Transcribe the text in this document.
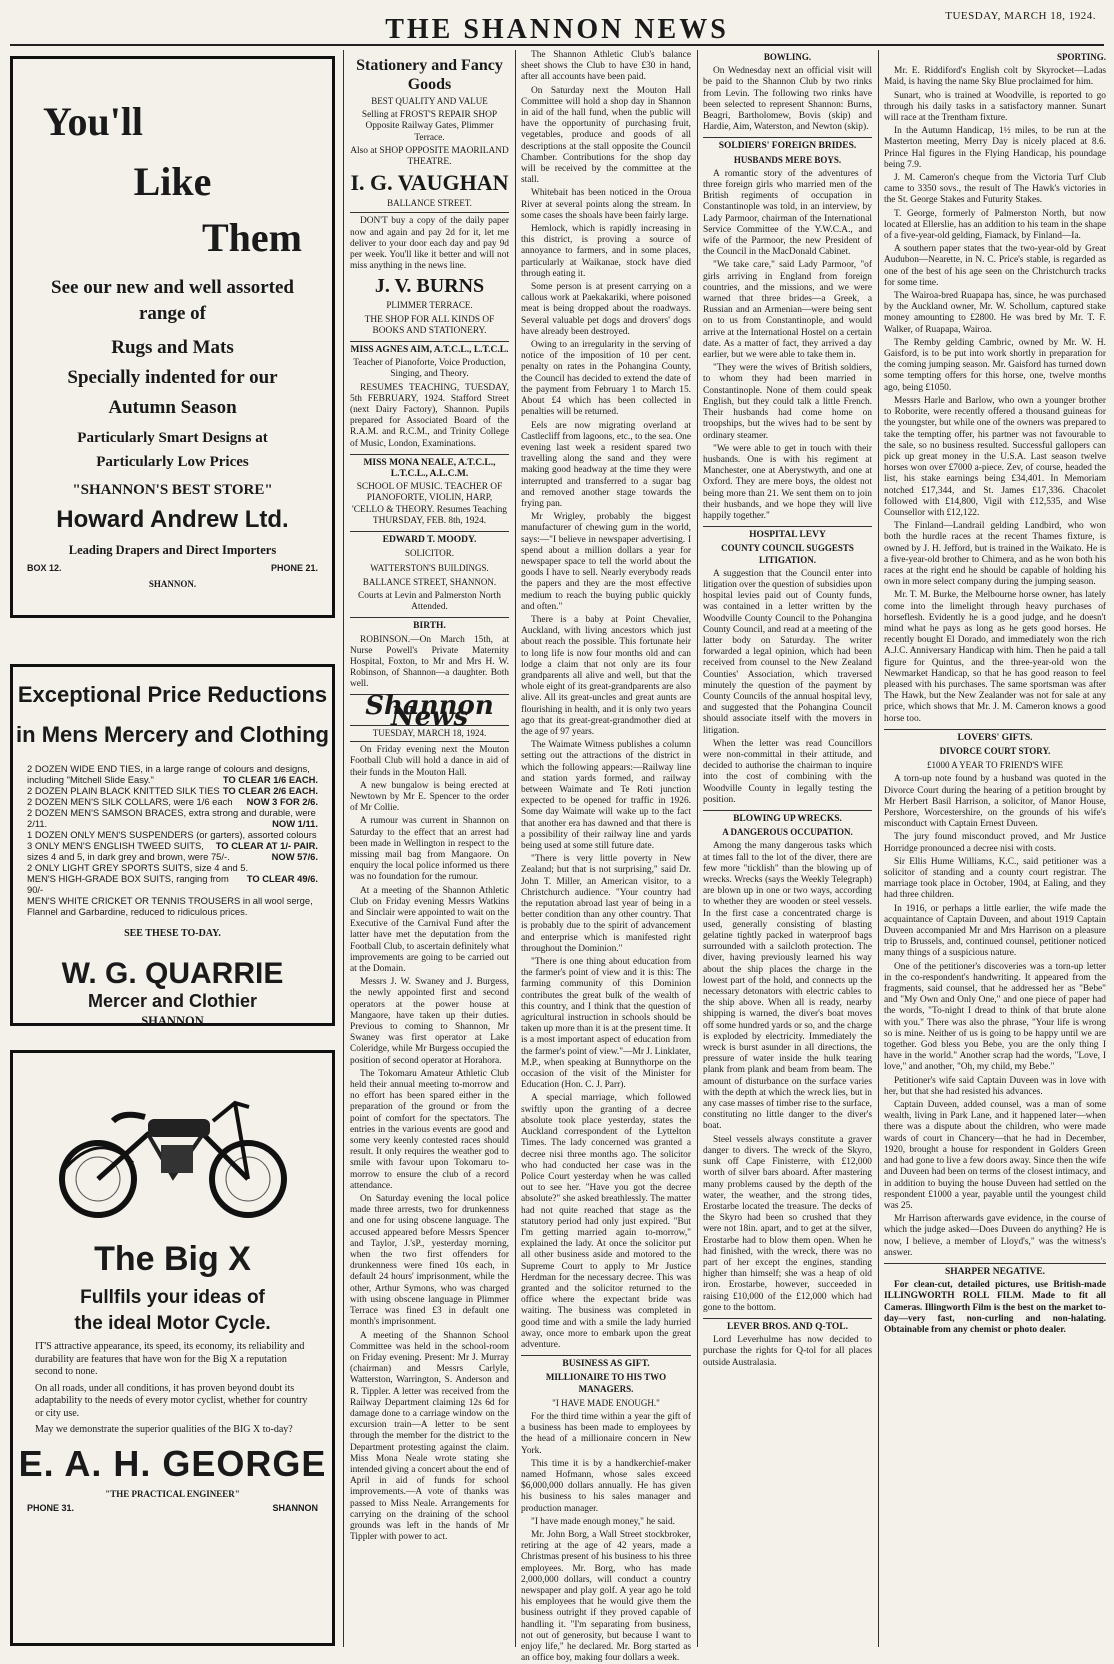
THE SHANNON NEWS	TUESDAY, MARCH 18, 1924.
You'll
Like
Them
See our new and well assorted range of
Rugs and Mats
Specially indented for our
Autumn Season
Particularly Smart Designs at
Particularly Low Prices
"SHANNON'S BEST STORE"
Howard Andrew Ltd.
Leading Drapers and Direct Importers
BOX 12.	PHONE 21.
SHANNON.
Exceptional Price Reductions
in Mens Mercery and Clothing
2 DOZEN WIDE END TIES, in a large range of colours and designs, including "Mitchell Slide Easy."	TO CLEAR 1/6 EACH.
2 DOZEN PLAIN BLACK KNITTED SILK TIES TO CLEAR 2/6 EACH.
2 DOZEN MEN'S SILK COLLARS, were 1/6 each NOW 3 FOR 2/6.
2 DOZEN MEN'S SAMSON BRACES, extra strong and durable, were 2/11.	NOW 1/11.
1 DOZEN ONLY MEN'S SUSPENDERS (or garters), assorted colours
TO CLEAR AT 1/- PAIR.
3 ONLY MEN'S ENGLISH TWEED SUITS, sizes 4 and 5, in dark grey and brown, were 75/-.	NOW 57/6.
2 ONLY LIGHT GREY SPORTS SUITS, size 4 and 5.
TO CLEAR 49/6.
MEN'S HIGH-GRADE BOX SUITS, ranging from 90/-
MEN'S WHITE CRICKET OR TENNIS TROUSERS in all wool serge, Flannel and Garbardine, reduced to ridiculous prices.
SEE THESE TO-DAY.
W. G. QUARRIE
Mercer and Clothier
SHANNON
The Big X
Fullfils your ideas of
the ideal Motor Cycle.
IT'S attractive appearance, its speed, its economy, its reliability and durability are features that have won for the Big X a reputation second to none.
On all roads, under all conditions, it has proven beyond doubt its adaptability to the needs of every motor cyclist, whether for country or city use.
May we demonstrate the superior qualities of the BIG X to-day?
E. A. H. GEORGE
"THE PRACTICAL ENGINEER"
PHONE 31.	SHANNON
Stationery and Fancy Goods
BEST QUALITY AND VALUE

Selling at FROST'S REPAIR SHOP Opposite Railway Gates, Plimmer Terrace.

Also at SHOP OPPOSITE MAORILAND THEATRE.

I. G. VAUGHAN
BALLANCE STREET.

DON'T buy a copy of the daily paper now and again and pay 2d for it, let me deliver to your door each day and pay 9d per week. You'll like it better and will not miss anything in the news line.

J. V. BURNS
PLIMMER TERRACE.

THE SHOP FOR ALL KINDS OF BOOKS AND STATIONERY.

MISS AGNES AIM, A.T.C.L., L.T.C.L.

Teacher of Pianoforte, Voice Production, Singing, and Theory.

RESUMES TEACHING, TUESDAY, 5th FEBRUARY, 1924. Stafford Street (next Dairy Factory), Shannon. Pupils prepared for Associated Board of the R.A.M. and R.C.M., and Trinity College of Music, London, Examinations.

MISS MONA NEALE, A.T.C.L., L.T.C.L., A.L.C.M.

SCHOOL OF MUSIC. TEACHER OF PIANOFORTE, VIOLIN, HARP, 'CELLO & THEORY. Resumes Teaching THURSDAY, FEB. 8th, 1924.

EDWARD T. MOODY.
SOLICITOR.
WATTERSTON'S BUILDINGS.
BALLANCE STREET, SHANNON.

Courts at Levin and Palmerston North Attended.

BIRTH.

ROBINSON.—On March 15th, at Nurse Powell's Private Maternity Hospital, Foxton, to Mr and Mrs H. W. Robinson, of Shannon—a daughter. Both well.

Shannon News
TUESDAY, MARCH 18, 1924.

On Friday evening next the Mouton Football Club will hold a dance in aid of their funds in the Mouton Hall.

A new bungalow is being erected at Newtown by Mr E. Spencer to the order of Mr Collie.

A rumour was current in Shannon on Saturday to the effect that an arrest had been made in Wellington in respect to the missing mail bag from Mangaore. On enquiry the local police informed us there was no foundation for the rumour.

At a meeting of the Shannon Athletic Club on Friday evening Messrs Watkins and Sinclair were appointed to wait on the Executive of the Carnival Fund after the latter have met the deputation from the Football Club, to ascertain definitely what improvements are going to be carried out at the Domain.

Messrs J. W. Swaney and J. Burgess, the newly appointed first and second operators at the power house at Mangaore, have taken up their duties. Previous to coming to Shannon, Mr Swaney was first operator at Lake Coleridge, while Mr Burgess occupied the position of second operator at Horahora.

The Tokomaru Amateur Athletic Club held their annual meeting to-morrow and no effort has been spared either in the preparation of the ground or from the point of comfort for the spectators. The entries in the various events are good and some very keenly contested races should result. It only requires the weather god to smile with favour upon Tokomaru to-morrow to ensure the club of a record attendance.

On Saturday evening the local police made three arrests, two for drunkenness and one for using obscene language. The accused appeared before Messrs Spencer and Taylor, J.'sP., yesterday morning, when the two first offenders for drunkenness were fined 10s each, in default 24 hours' imprisonment, while the other, Arthur Symons, who was charged with using obscene language in Plimmer Terrace was fined £3 in default one month's imprisonment.

A meeting of the Shannon School Committee was held in the school-room on Friday evening. Present: Mr J. Murray (chairman) and Messrs Carlyle, Watterston, Warrington, S. Anderson and R. Tippler. A letter was received from the Railway Department claiming 12s 6d for damage done to a carriage window on the excursion train—A letter to be sent through the member for the district to the Department protesting against the claim. Miss Mona Neale wrote stating she intended giving a concert about the end of April in aid of funds for school improvements.—A vote of thanks was passed to Miss Neale. Arrangements for carrying on the draining of the school grounds was left in the hands of Mr Tippler with power to act.

The Shannon Athletic Club's balance sheet shows the Club to have £30 in hand, after all accounts have been paid.

On Saturday next the Mouton Hall Committee will hold a shop day in Shannon in aid of the hall fund, when the public will have the opportunity of purchasing fruit, vegetables, produce and goods of all descriptions at the stall opposite the Council Chamber. Contributions for the shop day will be received by the committee at the stall.

Whitebait has been noticed in the Oroua River at several points along the stream. In some cases the shoals have been fairly large.

Hemlock, which is rapidly increasing in this district, is proving a source of annoyance to farmers, and in some places, particularly at Waikanae, stock have died through eating it.

Some person is at present carrying on a callous work at Paekakariki, where poisoned meat is being dropped about the roadways. Several valuable pet dogs and drovers' dogs have already been destroyed.

Owing to an irregularity in the serving of notice of the imposition of 10 per cent. penalty on rates in the Pohangina County, the Council has decided to extend the date of the payment from February 1 to March 15. About £4 which has been collected in penalties will be returned.

Eels are now migrating overland at Castlecliff from lagoons, etc., to the sea. One evening last week a resident spared two travelling along the sand and they were making good headway at the time they were interrupted and transferred to a sugar bag and removed another stage towards the frying pan.

Mr Wrigley, probably the biggest manufacturer of chewing gum in the world, says:—"I believe in newspaper advertising. I spend about a million dollars a year for newspaper space to tell the world about the goods I have to sell. Nearly everybody reads the papers and they are the most effective medium to reach the buying public quickly and often."

There is a baby at Point Chevalier, Auckland, with living ancestors which just about reach the possible. This fortunate heir to long life is now four months old and can lodge a claim that not only are its four grandparents all alive and well, but that the whole eight of its great-grandparents are also alive. All its great-uncles and great aunts are flourishing in health, and it is only two years ago that its great-great-grandmother died at the age of 97 years.

The Waimate Witness publishes a column setting out the attractions of the district in which the following appears:—Railway line and station yards formed, and railway between Waimate and Te Roti junction expected to be opened for traffic in 1926. Some day Waimate will wake up to the fact that another era has dawned and that there is a possibility of their railway line and yards being used at some still future date.

"There is very little poverty in New Zealand; but that is not surprising," said Dr. John T. Miller, an American visitor, to a Christchurch audience. "Your country had the reputation abroad last year of being in a better condition than any other country. That is probably due to the spirit of advancement and enterprise which is manifested right throughout the Dominion."

"There is one thing about education from the farmer's point of view and it is this: The farming community of this Dominion contributes the great bulk of the wealth of this country, and I think that the question of agricultural instruction in schools should be taken up more than it is at the present time. It is a most important aspect of education from the farmer's point of view."—Mr J. Linklater, M.P., when speaking at Bunnythorpe on the occasion of the visit of the Minister for Education (Hon. C. J. Parr).

A special marriage, which followed swiftly upon the granting of a decree absolute took place yesterday, states the Auckland correspondent of the Lyttelton Times. The lady concerned was granted a decree nisi three months ago. The solicitor who had conducted her case was in the Police Court yesterday when he was called out to see her. "Have you got the decree absolute?" she asked breathlessly. The matter had not quite reached that stage as the statutory period had only just expired. "But I'm getting married again to-morrow," explained the lady. At once the solicitor put all other business aside and motored to the Supreme Court to apply to Mr Justice Herdman for the necessary decree. This was granted and the solicitor returned to the office where the expectant bride was waiting. The business was completed in good time and with a smile the lady hurried away, once more to embark upon the great adventure.

BUSINESS AS GIFT.
MILLIONAIRE TO HIS TWO MANAGERS.
"I HAVE MADE ENOUGH."

For the third time within a year the gift of a business has been made to employees by the head of a millionaire concern in New York.

This time it is by a handkerchief-maker named Hofmann, whose sales exceed $6,000,000 dollars annually. He has given his business to his sales manager and production manager.

"I have made enough money," he said.

Mr. John Borg, a Wall Street stockbroker, retiring at the age of 42 years, made a Christmas present of his business to his three employees. Mr. Borg, who has made 2,000,000 dollars, will conduct a country newspaper and play golf. A year ago he told his employees that he would give them the business outright if they proved capable of handling it. "I'm separating from business, not out of generosity, but because I want to enjoy life," he declared. Mr. Borg started as an office boy, making four dollars a week.

BOWLING.

On Wednesday next an official visit will be paid to the Shannon Club by two rinks from Levin. The following two rinks have been selected to represent Shannon: Burns, Beagri, Bartholomew, Bovis (skip) and Hardie, Aim, Waterston, and Newton (skip).

SOLDIERS' FOREIGN BRIDES.
HUSBANDS MERE BOYS.

A romantic story of the adventures of three foreign girls who married men of the British regiments of occupation in Constantinople was told, in an interview, by Lady Parmoor, chairman of the International Service Committee of the Y.W.C.A., and wife of the Parmoor, the new President of the Council in the MacDonald Cabinet.

"We take care," said Lady Parmoor, "of girls arriving in England from foreign countries, and the missions, and we were warned that three brides—a Greek, a Russian and an Armenian—were being sent on to us from Constantinople, and would arrive at the International Hostel on a certain date. As a matter of fact, they arrived a day earlier, but we were able to take them in.

"They were the wives of British soldiers, to whom they had been married in Constantinople. None of them could speak English, but they could talk a little French. Their husbands had come home on troopships, but the wives had to be sent by ordinary steamer.

"We were able to get in touch with their husbands. One is with his regiment at Manchester, one at Aberystwyth, and one at Oxford. They are mere boys, the oldest not being more than 21. We sent them on to join their husbands, and we hope they will live happily together."

HOSPITAL LEVY
COUNTY COUNCIL SUGGESTS LITIGATION.

A suggestion that the Council enter into litigation over the question of subsidies upon hospital levies paid out of County funds, was contained in a letter written by the Woodville County Council to the Pohangina County Council, and read at a meeting of the latter body on Saturday. The writer forwarded a legal opinion, which had been received from counsel to the New Zealand Counties' Association, which traversed minutely the question of the payment by County Councils of the annual hospital levy, and suggested that the Pohangina Council should associate itself with the movers in litigation.

When the letter was read Councillors were non-committal in their attitude, and decided to authorise the chairman to inquire into the cost of combining with the Woodville County in legally testing the position.

BLOWING UP WRECKS.
A DANGEROUS OCCUPATION.

Among the many dangerous tasks which at times fall to the lot of the diver, there are few more "ticklish" than the blowing up of wrecks. Wrecks (says the Weekly Telegraph) are blown up in one or two ways, according to whether they are wooden or steel vessels. In the first case a concentrated charge is used, generally consisting of blasting gelatine tightly packed in waterproof bags surrounded with a sailcloth protection. The diver, having previously learned his way about the ship places the charge in the lowest part of the hold, and connects up the necessary detonators with electric cables to the ship above. When all is ready, nearby shipping is warned, the diver's boat moves off some hundred yards or so, and the charge is exploded by electricity. Immediately the wreck is burst asunder in all directions, the pressure of water inside the hulk tearing plank from plank and beam from beam. The amount of disturbance on the surface varies with the depth at which the wreck lies, but in any case masses of timber rise to the surface, constituting no little danger to the diver's boat.

Steel vessels always constitute a graver danger to divers. The wreck of the Skyro, sunk off Cape Finisterre, with £12,000 worth of silver bars aboard. After mastering many problems caused by the depth of the water, the weather, and the strong tides, Erostarbe located the treasure. The decks of the Skyro had been so crushed that they were not 18in. apart, and to get at the silver, Erostarbe had to blow them open. When he had finished, with the wreck, there was no part of her except the engines, standing higher than himself; she was a heap of old iron. Erostarbe, however, succeeded in raising £10,000 of the £12,000 which had gone to the bottom.

LEVER BROS. AND Q-TOL.

Lord Leverhulme has now decided to purchase the rights for Q-tol for all places outside Australasia.

SPORTING.

Mr. E. Riddiford's English colt by Skyrocket—Ladas Maid, is having the name Sky Blue proclaimed for him.

Sunart, who is trained at Woodville, is reported to go through his daily tasks in a satisfactory manner. Sunart will race at the Trentham fixture.

In the Autumn Handicap, 1½ miles, to be run at the Masterton meeting, Merry Day is nicely placed at 8.6. Prince Hal figures in the Flying Handicap, his poundage being 7.9.

J. M. Cameron's cheque from the Victoria Turf Club came to 3350 sovs., the result of The Hawk's victories in the St. George Stakes and Futurity Stakes.

T. George, formerly of Palmerston North, but now located at Ellerslie, has an addition to his team in the shape of a five-year-old gelding, Fiamack, by Finland—Ia.

A southern paper states that the two-year-old by Great Audubon—Nearette, in N. C. Price's stable, is regarded as one of the best of his age seen on the Christchurch tracks for some time.

The Wairoa-bred Ruapapa has, since, he was purchased by the Auckland owner, Mr. W. Schollum, captured stake money amounting to £2800. He was bred by Mr. T. F. Walker, of Ruapapa, Wairoa.

The Remby gelding Cambric, owned by Mr. W. H. Gaisford, is to be put into work shortly in preparation for the coming jumping season. Mr. Gaisford has turned down some tempting offers for this horse, one, twelve months ago, being £1050.

Messrs Harle and Barlow, who own a younger brother to Roborite, were recently offered a thousand guineas for the youngster, but while one of the owners was prepared to take the tempting offer, his partner was not favourable to the sale, so no business resulted. Successful gallopers can pick up great money in the U.S.A. Last season twelve horses won over £7000 a-piece. Zev, of course, headed the list, his stake earnings being £34,401. In Memoriam notched £17,344, and St. James £17,336. Chacolet followed with £14,800, Vigil with £12,535, and Wise Counsellor with £12,122.

The Finland—Landrail gelding Landbird, who won both the hurdle races at the recent Thames fixture, is owned by J. H. Jefford, but is trained in the Waikato. He is a five-year-old brother to Chimera, and as he won both his races at the right end he should be capable of holding his own in more select company during the jumping season.

Mr. T. M. Burke, the Melbourne horse owner, has lately come into the limelight through heavy purchases of horseflesh. Evidently he is a good judge, and he doesn't mind what he pays as long as he gets good horses. He recently bought El Dorado, and immediately won the rich A.J.C. Anniversary Handicap with him. Then he paid a tall figure for Quintus, and the three-year-old won the Newmarket Handicap, so that he has good reason to feel pleased with his purchases. The same sportsman was after The Hawk, but the New Zealander was not for sale at any price, which shows that Mr. J. M. Cameron knows a good horse too.

LOVERS' GIFTS.
DIVORCE COURT STORY.
£1000 A YEAR TO FRIEND'S WIFE

A torn-up note found by a husband was quoted in the Divorce Court during the hearing of a petition brought by Mr Herbert Basil Harrison, a solicitor, of Manor House, Pershore, Worcestershire, on the grounds of his wife's misconduct with Captain Ernest Duveen.

The jury found misconduct proved, and Mr Justice Horridge pronounced a decree nisi with costs.

Sir Ellis Hume Williams, K.C., said petitioner was a solicitor of standing and a county court registrar. The marriage took place in October, 1904, at Ealing, and they had three children.

In 1916, or perhaps a little earlier, the wife made the acquaintance of Captain Duveen, and about 1919 Captain Duveen accompanied Mr and Mrs Harrison on a pleasure trip to Brussels, and, continued counsel, petitioner noticed many things of a suspicious nature.

One of the petitioner's discoveries was a torn-up letter in the co-respondent's handwriting. It appeared from the fragments, said counsel, that he addressed her as "Bebe" and "My Own and Only One," and one piece of paper had the words, "To-night I dread to think of that brute alone with you." There was also the phrase, "Your life is wrong so is mine. Neither of us is going to be happy until we are together. God bless you Bebe, you are the only thing I have in the world." Another scrap had the words, "Love, I love," and another, "Oh, my child, my Bebe."

Petitioner's wife said Captain Duveen was in love with her, but that she had resisted his advances.

Captain Duveen, added counsel, was a man of some wealth, living in Park Lane, and it happened later—when there was a dispute about the children, who were made wards of court in Chancery—that he had in December, 1920, brought a house for respondent in Golders Green and had gone to live a few doors away. Since then the wife and Duveen had been on terms of the closest intimacy, and in addition to buying the house Duveen had settled on the respondent £1000 a year, payable until the youngest child was 25.

Mr Harrison afterwards gave evidence, in the course of which the judge asked—Does Duveen do anything? He is now, I believe, a member of Lloyd's," was the witness's answer.

SHARPER NEGATIVE.

For clean-cut, detailed pictures, use British-made ILLINGWORTH ROLL FILM. Made to fit all Cameras. Illingworth Film is the best on the market to-day—very fast, non-curling and non-halating. Obtainable from any chemist or photo dealer.
